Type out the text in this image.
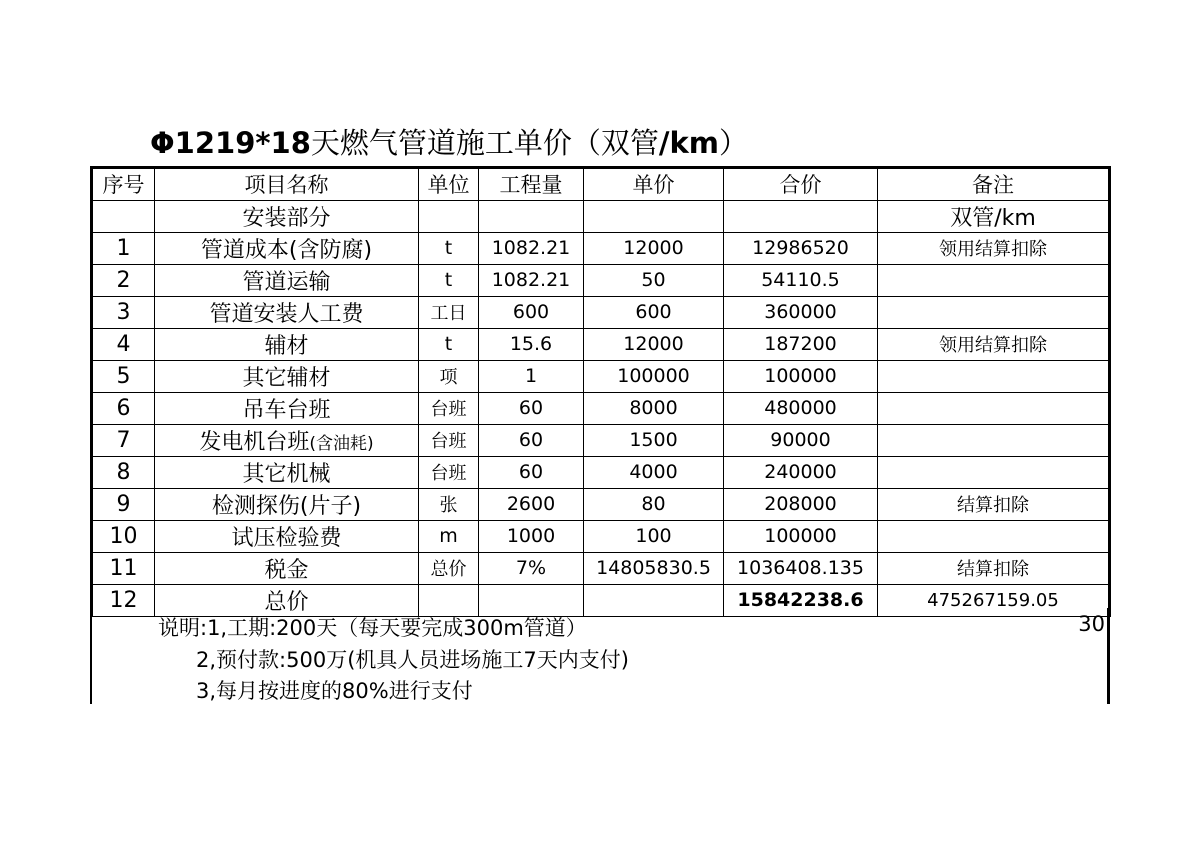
Φ1219*18天燃气管道施工单价（双管/km）
序号	项目名称	单位	工程量	单价	合价	备注
	安装部分					双管/km
1	管道成本(含防腐)	t	1082.21	12000	12986520	领用结算扣除
2	管道运输	t	1082.21	50	54110.5	
3	管道安装人工费	工日	600	600	360000	
4	辅材	t	15.6	12000	187200	领用结算扣除
5	其它辅材	项	1	100000	100000	
6	吊车台班	台班	60	8000	480000	
7	发电机台班(含油耗)	台班	60	1500	90000	
8	其它机械	台班	60	4000	240000	
9	检测探伤(片子)	张	2600	80	208000	结算扣除
10	试压检验费	m	1000	100	100000	
11	税金	总价	7%	14805830.5	1036408.135	结算扣除
12	总价				15842238.6	475267159.05
说明:1,工期:200天（每天要完成300m管道）	30
2,预付款:500万(机具人员进场施工7天内支付)
3,每月按进度的80%进行支付
